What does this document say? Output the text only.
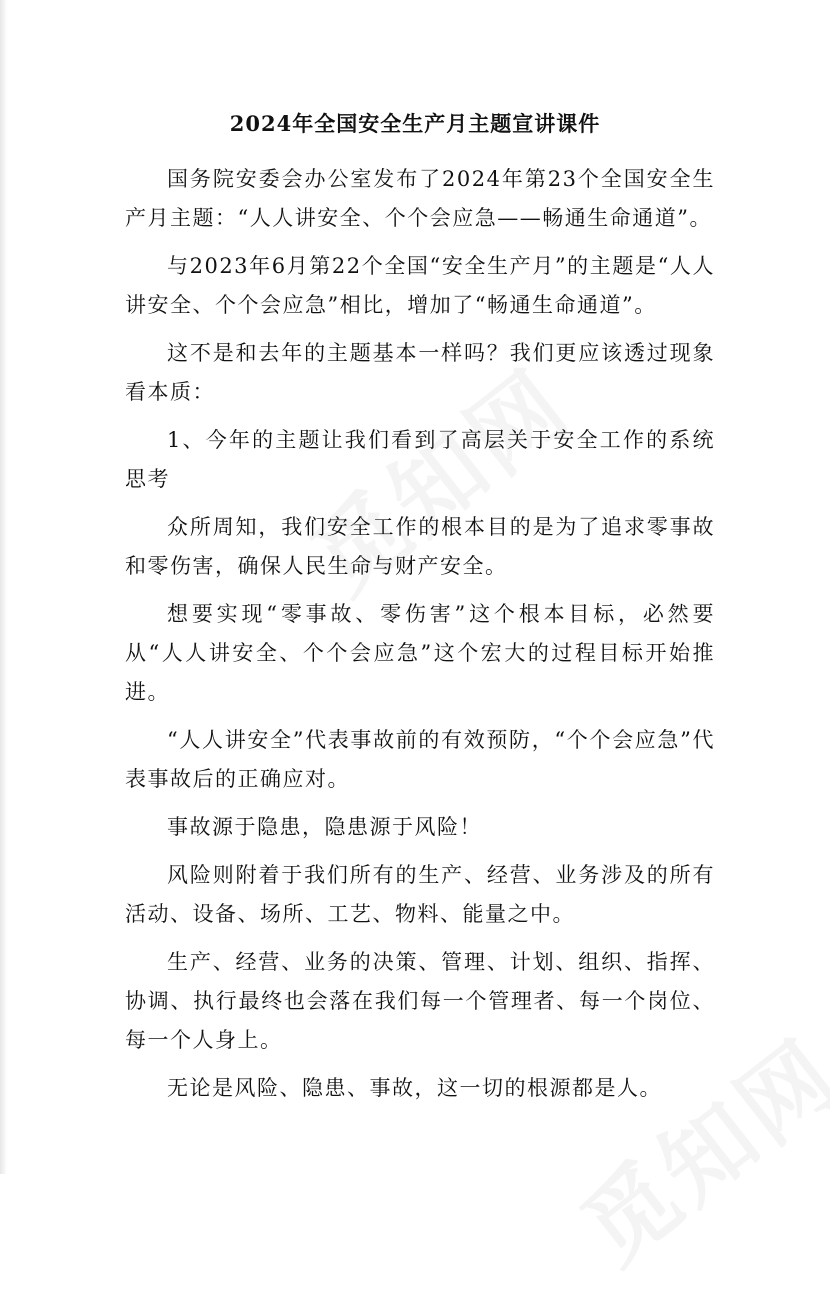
2024年全国安全生产月主题宣讲课件

国务院安委会办公室发布了2024年第23个全国安全生产月主题：“人人讲安全、个个会应急——畅通生命通道”。

与2023年6月第22个全国“安全生产月”的主题是“人人讲安全、个个会应急”相比，增加了“畅通生命通道”。

这不是和去年的主题基本一样吗？我们更应该透过现象看本质：

1、今年的主题让我们看到了高层关于安全工作的系统思考

众所周知，我们安全工作的根本目的是为了追求零事故和零伤害，确保人民生命与财产安全。

想要实现“零事故、零伤害”这个根本目标，必然要从“人人讲安全、个个会应急”这个宏大的过程目标开始推进。

“人人讲安全”代表事故前的有效预防，“个个会应急”代表事故后的正确应对。

事故源于隐患，隐患源于风险！

风险则附着于我们所有的生产、经营、业务涉及的所有活动、设备、场所、工艺、物料、能量之中。

生产、经营、业务的决策、管理、计划、组织、指挥、协调、执行最终也会落在我们每一个管理者、每一个岗位、每一个人身上。

无论是风险、隐患、事故，这一切的根源都是人。
